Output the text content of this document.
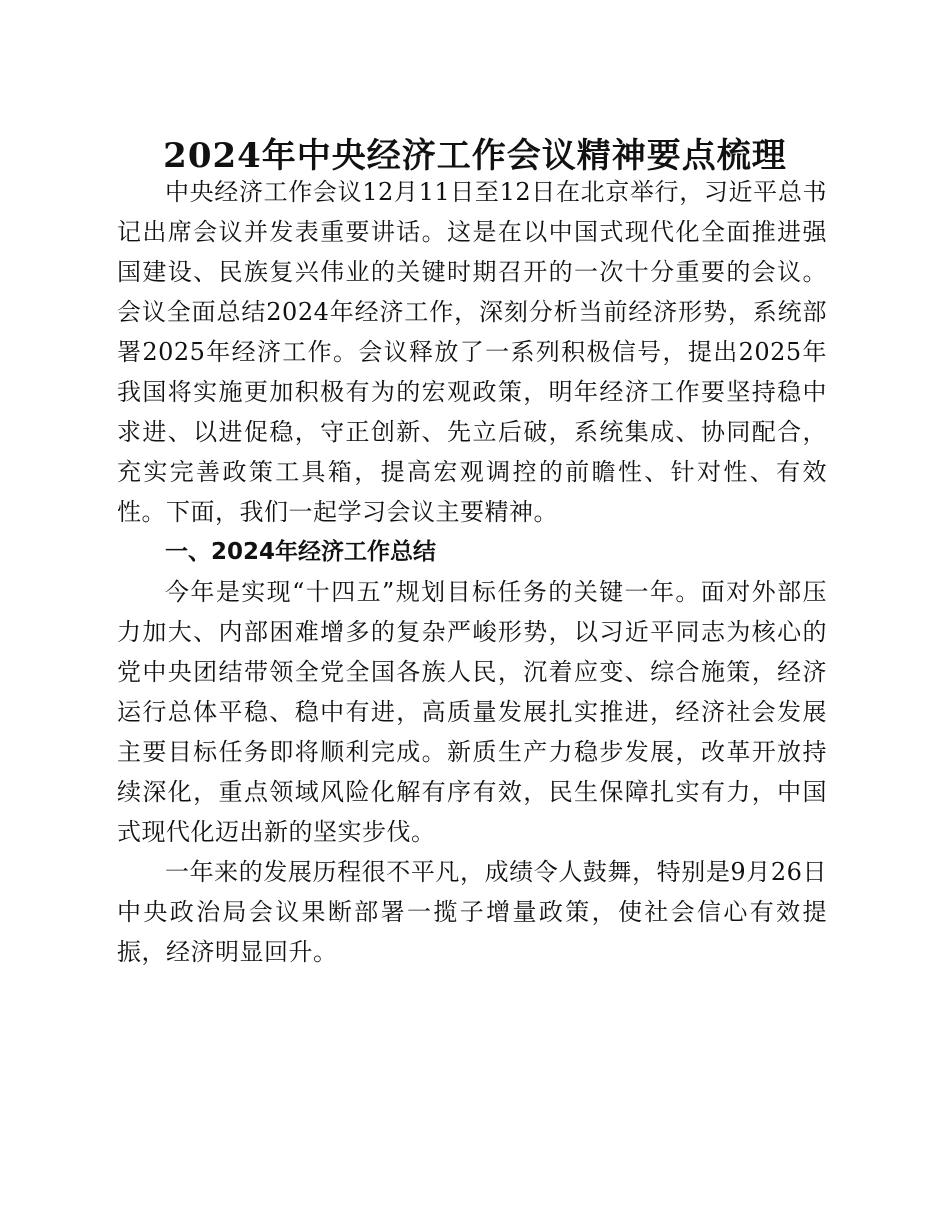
2024年中央经济工作会议精神要点梳理

中央经济工作会议12月11日至12日在北京举行，习近平总书记出席会议并发表重要讲话。这是在以中国式现代化全面推进强国建设、民族复兴伟业的关键时期召开的一次十分重要的会议。会议全面总结2024年经济工作，深刻分析当前经济形势，系统部署2025年经济工作。会议释放了一系列积极信号，提出2025年我国将实施更加积极有为的宏观政策，明年经济工作要坚持稳中求进、以进促稳，守正创新、先立后破，系统集成、协同配合，充实完善政策工具箱，提高宏观调控的前瞻性、针对性、有效性。下面，我们一起学习会议主要精神。

一、2024年经济工作总结

今年是实现“十四五”规划目标任务的关键一年。面对外部压力加大、内部困难增多的复杂严峻形势，以习近平同志为核心的党中央团结带领全党全国各族人民，沉着应变、综合施策，经济运行总体平稳、稳中有进，高质量发展扎实推进，经济社会发展主要目标任务即将顺利完成。新质生产力稳步发展，改革开放持续深化，重点领域风险化解有序有效，民生保障扎实有力，中国式现代化迈出新的坚实步伐。

一年来的发展历程很不平凡，成绩令人鼓舞，特别是9月26日中央政治局会议果断部署一揽子增量政策，使社会信心有效提振，经济明显回升。
